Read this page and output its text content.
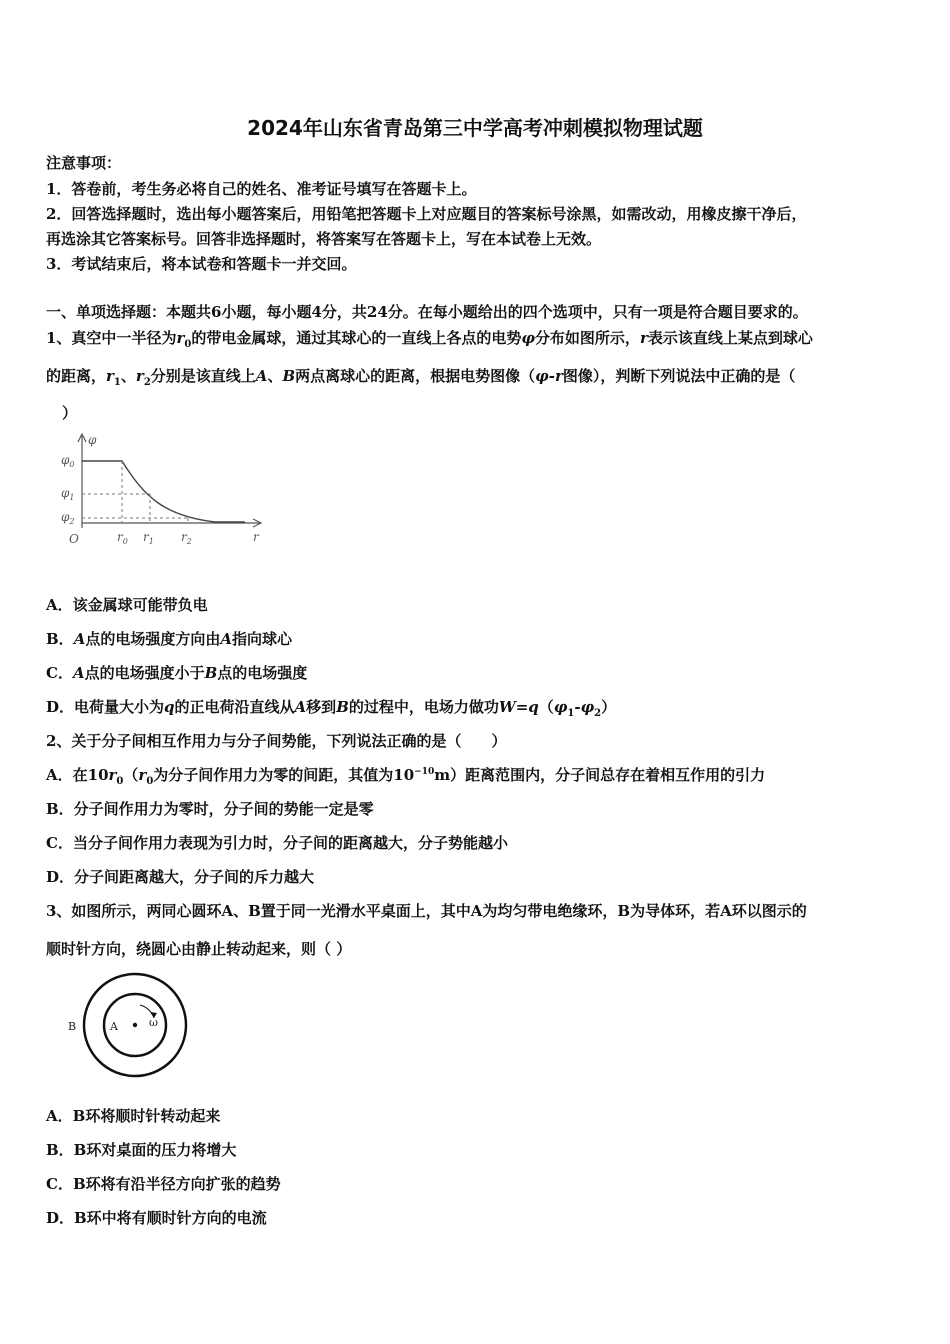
2024年山东省青岛第三中学高考冲刺模拟物理试题
注意事项：
1．答卷前，考生务必将自己的姓名、准考证号填写在答题卡上。
2．回答选择题时，选出每小题答案后，用铅笔把答题卡上对应题目的答案标号涂黑，如需改动，用橡皮擦干净后，
再选涂其它答案标号。回答非选择题时，将答案写在答题卡上，写在本试卷上无效。
3．考试结束后，将本试卷和答题卡一并交回。
一、单项选择题：本题共6小题，每小题4分，共24分。在每小题给出的四个选项中，只有一项是符合题目要求的。
1、真空中一半径为$r_0$的带电金属球，通过其球心的一直线上各点的电势φ分布如图所示，r表示该直线上某点到球心
的距离，$r_1$、$r_2$分别是该直线上A、B两点离球心的距离，根据电势图像（φ-r图像），判断下列说法中正确的是（
）
φ
$\varphi_0$
$\varphi_1$
$\varphi_2$
O	$r_0$ $r_1$ $r_2$	r
A．该金属球可能带负电
B．A点的电场强度方向由A指向球心
C．A点的电场强度小于B点的电场强度
D．电荷量大小为q的正电荷沿直线从A移到B的过程中，电场力做功$W=q(\varphi_1-\varphi_2)$
2、关于分子间相互作用力与分子间势能，下列说法正确的是（　　）
A．在$10r_0(r_0$为分子间作用力为零的间距，其值为$10^{-10}m$）距离范围内，分子间总存在着相互作用的引力
B．分子间作用力为零时，分子间的势能一定是零
C．当分子间作用力表现为引力时，分子间的距离越大，分子势能越小
D．分子间距离越大，分子间的斥力越大
3、如图所示，两同心圆环A、B置于同一光滑水平桌面上，其中A为均匀带电绝缘环，B为导体环，若A环以图示的
顺时针方向，绕圆心由静止转动起来，则（ ）
B	A	ω
A．B环将顺时针转动起来
B．B环对桌面的压力将增大
C．B环将有沿半径方向扩张的趋势
D．B环中将有顺时针方向的电流
